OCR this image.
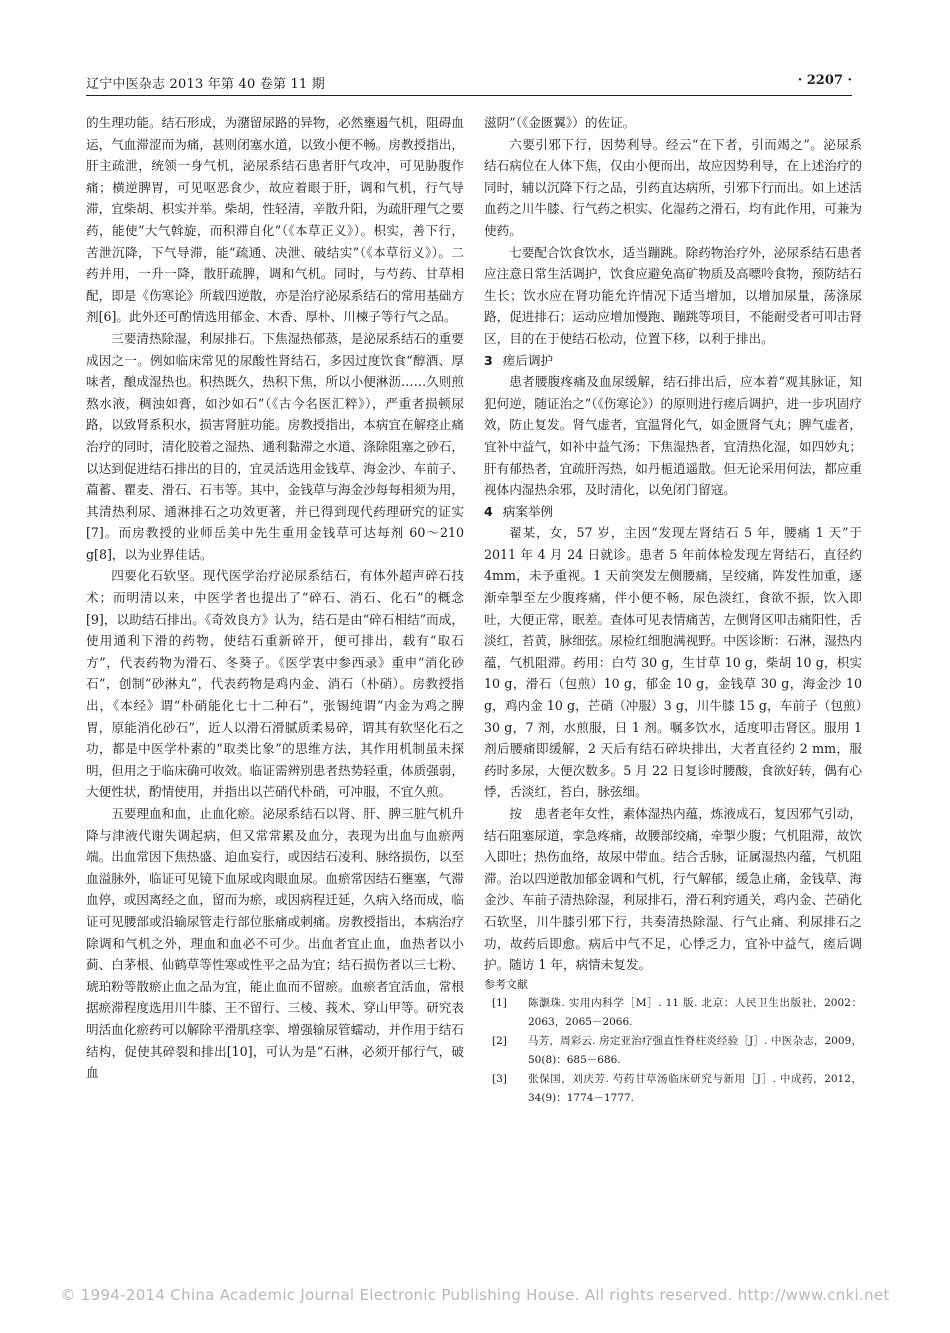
辽宁中医杂志 2013 年第 40 卷第 11 期	· 2207 ·

的生理功能。结石形成，为潴留尿路的异物，必然壅遏气机，阻碍血运，气血滞涩而为痛，甚则闭塞水道，以致小便不畅。房教授指出，肝主疏泄，统领一身气机，泌尿系结石患者肝气攻冲，可见胁腹作痛；横逆脾胃，可见呕恶食少，故应着眼于肝，调和气机，行气导滞，宜柴胡、枳实并举。柴胡，性轻清，辛散升阳，为疏肝理气之要药，能使“大气斡旋，而积滞自化”（《本草正义》）。枳实，善下行，苦泄沉降，下气导滞，能“疏通、决泄、破结实”（《本草衍义》）。二药并用，一升一降，散肝疏脾，调和气机。同时，与芍药、甘草相配，即是《伤寒论》所载四逆散，亦是治疗泌尿系结石的常用基础方剂[6]。此外还可酌情选用郁金、木香、厚朴、川楝子等行气之品。

三要清热除湿，利尿排石。下焦湿热郁蒸，是泌尿系结石的重要成因之一。例如临床常见的尿酸性肾结石，多因过度饮食“醇酒、厚味者，酿成湿热也。积热既久，热积下焦，所以小便淋沥……久则煎熬水液，稠浊如膏，如沙如石”（《古今名医汇粹》），严重者损顿尿路，以致肾系积水，损害肾脏功能。房教授指出，本病宜在解痉止痛治疗的同时，清化胶着之湿热、通利黏滞之水道、涤除阻塞之砂石，以达到促进结石排出的目的，宜灵活选用金钱草、海金沙、车前子、萹蓄、瞿麦、滑石、石韦等。其中，金钱草与海金沙每每相须为用，其清热利尿、通淋排石之功效更著，并已得到现代药理研究的证实[7]。而房教授的业师岳美中先生重用金钱草可达每剂 60～210 g[8]，以为业界佳话。

四要化石软坚。现代医学治疗泌尿系结石，有体外超声碎石技术；而明清以来，中医学者也提出了“碎石、消石、化石”的概念[9]，以助结石排出。《奇效良方》认为，结石是由“碎石相结”而成，使用通利下滑的药物，使结石重新碎开，便可排出，载有“取石方”，代表药物为滑石、冬葵子。《医学衷中参西录》重申“消化砂石”，创制“砂淋丸”，代表药物是鸡内金、消石（朴硝）。房教授指出，《本经》谓“朴硝能化七十二种石”，张锡纯谓“内金为鸡之脾胃，原能消化砂石”，近人以滑石滑腻质柔易碎，谓其有软坚化石之功，都是中医学朴素的“取类比象”的思维方法，其作用机制虽未探明，但用之于临床确可收效。临证需辨别患者热势轻重，体质强弱，大便性状，酌情使用，并指出以芒硝代朴硝，可冲服，不宜久煎。

五要理血和血，止血化瘀。泌尿系结石以肾、肝、脾三脏气机升降与津液代谢失调起病，但又常常累及血分，表现为出血与血瘀两端。出血常因下焦热盛、迫血妄行，或因结石凌利、脉络损伤，以至血溢脉外，临证可见镜下血尿或肉眼血尿。血瘀常因结石壅塞，气滞血停，或因离经之血，留而为瘀，或因病程迁延，久病入络而成，临证可见腰部或沿输尿管走行部位胀痛或刺痛。房教授指出，本病治疗除调和气机之外，理血和血必不可少。出血者宜止血，血热者以小蓟、白茅根、仙鹤草等性寒或性平之品为宜；结石损伤者以三七粉、琥珀粉等散瘀止血之品为宜，能止血而不留瘀。血瘀者宜活血，常根据瘀滞程度选用川牛膝、王不留行、三棱、莪术、穿山甲等。研究表明活血化瘀药可以解除平滑肌痉挛、增强输尿管蠕动，并作用于结石结构，促使其碎裂和排出[10]，可认为是“石淋，必须开郁行气，破血

滋阴”（《金匮翼》）的佐证。

六要引邪下行，因势利导。经云“在下者，引而竭之”。泌尿系结石病位在人体下焦，仅由小便而出，故应因势利导，在上述治疗的同时，辅以沉降下行之品，引药直达病所，引邪下行而出。如上述活血药之川牛膝、行气药之枳实、化湿药之滑石，均有此作用，可兼为使药。

七要配合饮食饮水，适当蹦跳。除药物治疗外，泌尿系结石患者应注意日常生活调护，饮食应避免高矿物质及高嘌呤食物，预防结石生长；饮水应在肾功能允许情况下适当增加，以增加尿量，荡涤尿路，促进排石；运动应增加慢跑、蹦跳等项目，不能耐受者可叩击肾区，目的在于使结石松动，位置下移，以利于排出。

3 瘥后调护

患者腰腹疼痛及血尿缓解，结石排出后，应本着“观其脉证，知犯何逆，随证治之”（《伤寒论》）的原则进行瘥后调护，进一步巩固疗效，防止复发。肾气虚者，宜温肾化气，如金匮肾气丸；脾气虚者，宜补中益气，如补中益气汤；下焦湿热者，宜清热化湿，如四妙丸；肝有郁热者，宜疏肝泻热，如丹栀逍遥散。但无论采用何法，都应重视体内湿热余邪，及时清化，以免闭门留寇。

4 病案举例

翟某，女，57 岁，主因“发现左肾结石 5 年，腰痛 1 天”于 2011 年 4 月 24 日就诊。患者 5 年前体检发现左肾结石，直径约 4mm，未予重视。1 天前突发左侧腰痛，呈绞痛，阵发性加重，逐渐牵掣至左少腹疼痛，伴小便不畅，尿色淡红，食欲不振，饮入即吐，大便正常，眠差。查体可见表情痛苦，左侧肾区叩击痛阳性，舌淡红，苔黄，脉细弦。尿检红细胞满视野。中医诊断：石淋，湿热内蕴，气机阻滞。药用：白芍 30 g，生甘草 10 g，柴胡 10 g，枳实 10 g，滑石（包煎）10 g，郁金 10 g，金钱草 30 g，海金沙 10 g，鸡内金 10 g，芒硝（冲服）3 g，川牛膝 15 g，车前子（包煎）30 g，7 剂，水煎服，日 1 剂。嘱多饮水，适度叩击肾区。服用 1 剂后腰痛即缓解，2 天后有结石碎块排出，大者直径约 2 mm，服药时多尿，大便次数多。5 月 22 日复诊时腰酸，食欲好转，偶有心悸，舌淡红，苔白，脉弦细。

按　患者老年女性，素体湿热内蕴，炼液成石，复因邪气引动，结石阻塞尿道，挛急疼痛，故腰部绞痛，牵掣少腹；气机阻滞，故饮入即吐；热伤血络，故尿中带血。结合舌脉，证属湿热内蕴，气机阻滞。治以四逆散加郁金调和气机，行气解郁，缓急止痛，金钱草、海金沙、车前子清热除湿，利尿排石，滑石利窍通关，鸡内金、芒硝化石软坚，川牛膝引邪下行，共奏清热除湿、行气止痛、利尿排石之功，故药后即愈。病后中气不足，心悸乏力，宜补中益气，瘥后调护。随访 1 年，病情未复发。

参考文献
[1]	陈灏珠. 实用内科学［M］. 11 版. 北京：人民卫生出版社，2002：2063，2065－2066.
[2]	马芳，周彩云. 房定亚治疗强直性脊柱炎经验［J］. 中医杂志，2009，50(8)：685－686.
[3]	张保国，刘庆芳. 芍药甘草汤临床研究与新用［J］. 中成药，2012，34(9)：1774－1777.
© 1994-2014 China Academic Journal Electronic Publishing House. All rights reserved. http://www.cnki.net
